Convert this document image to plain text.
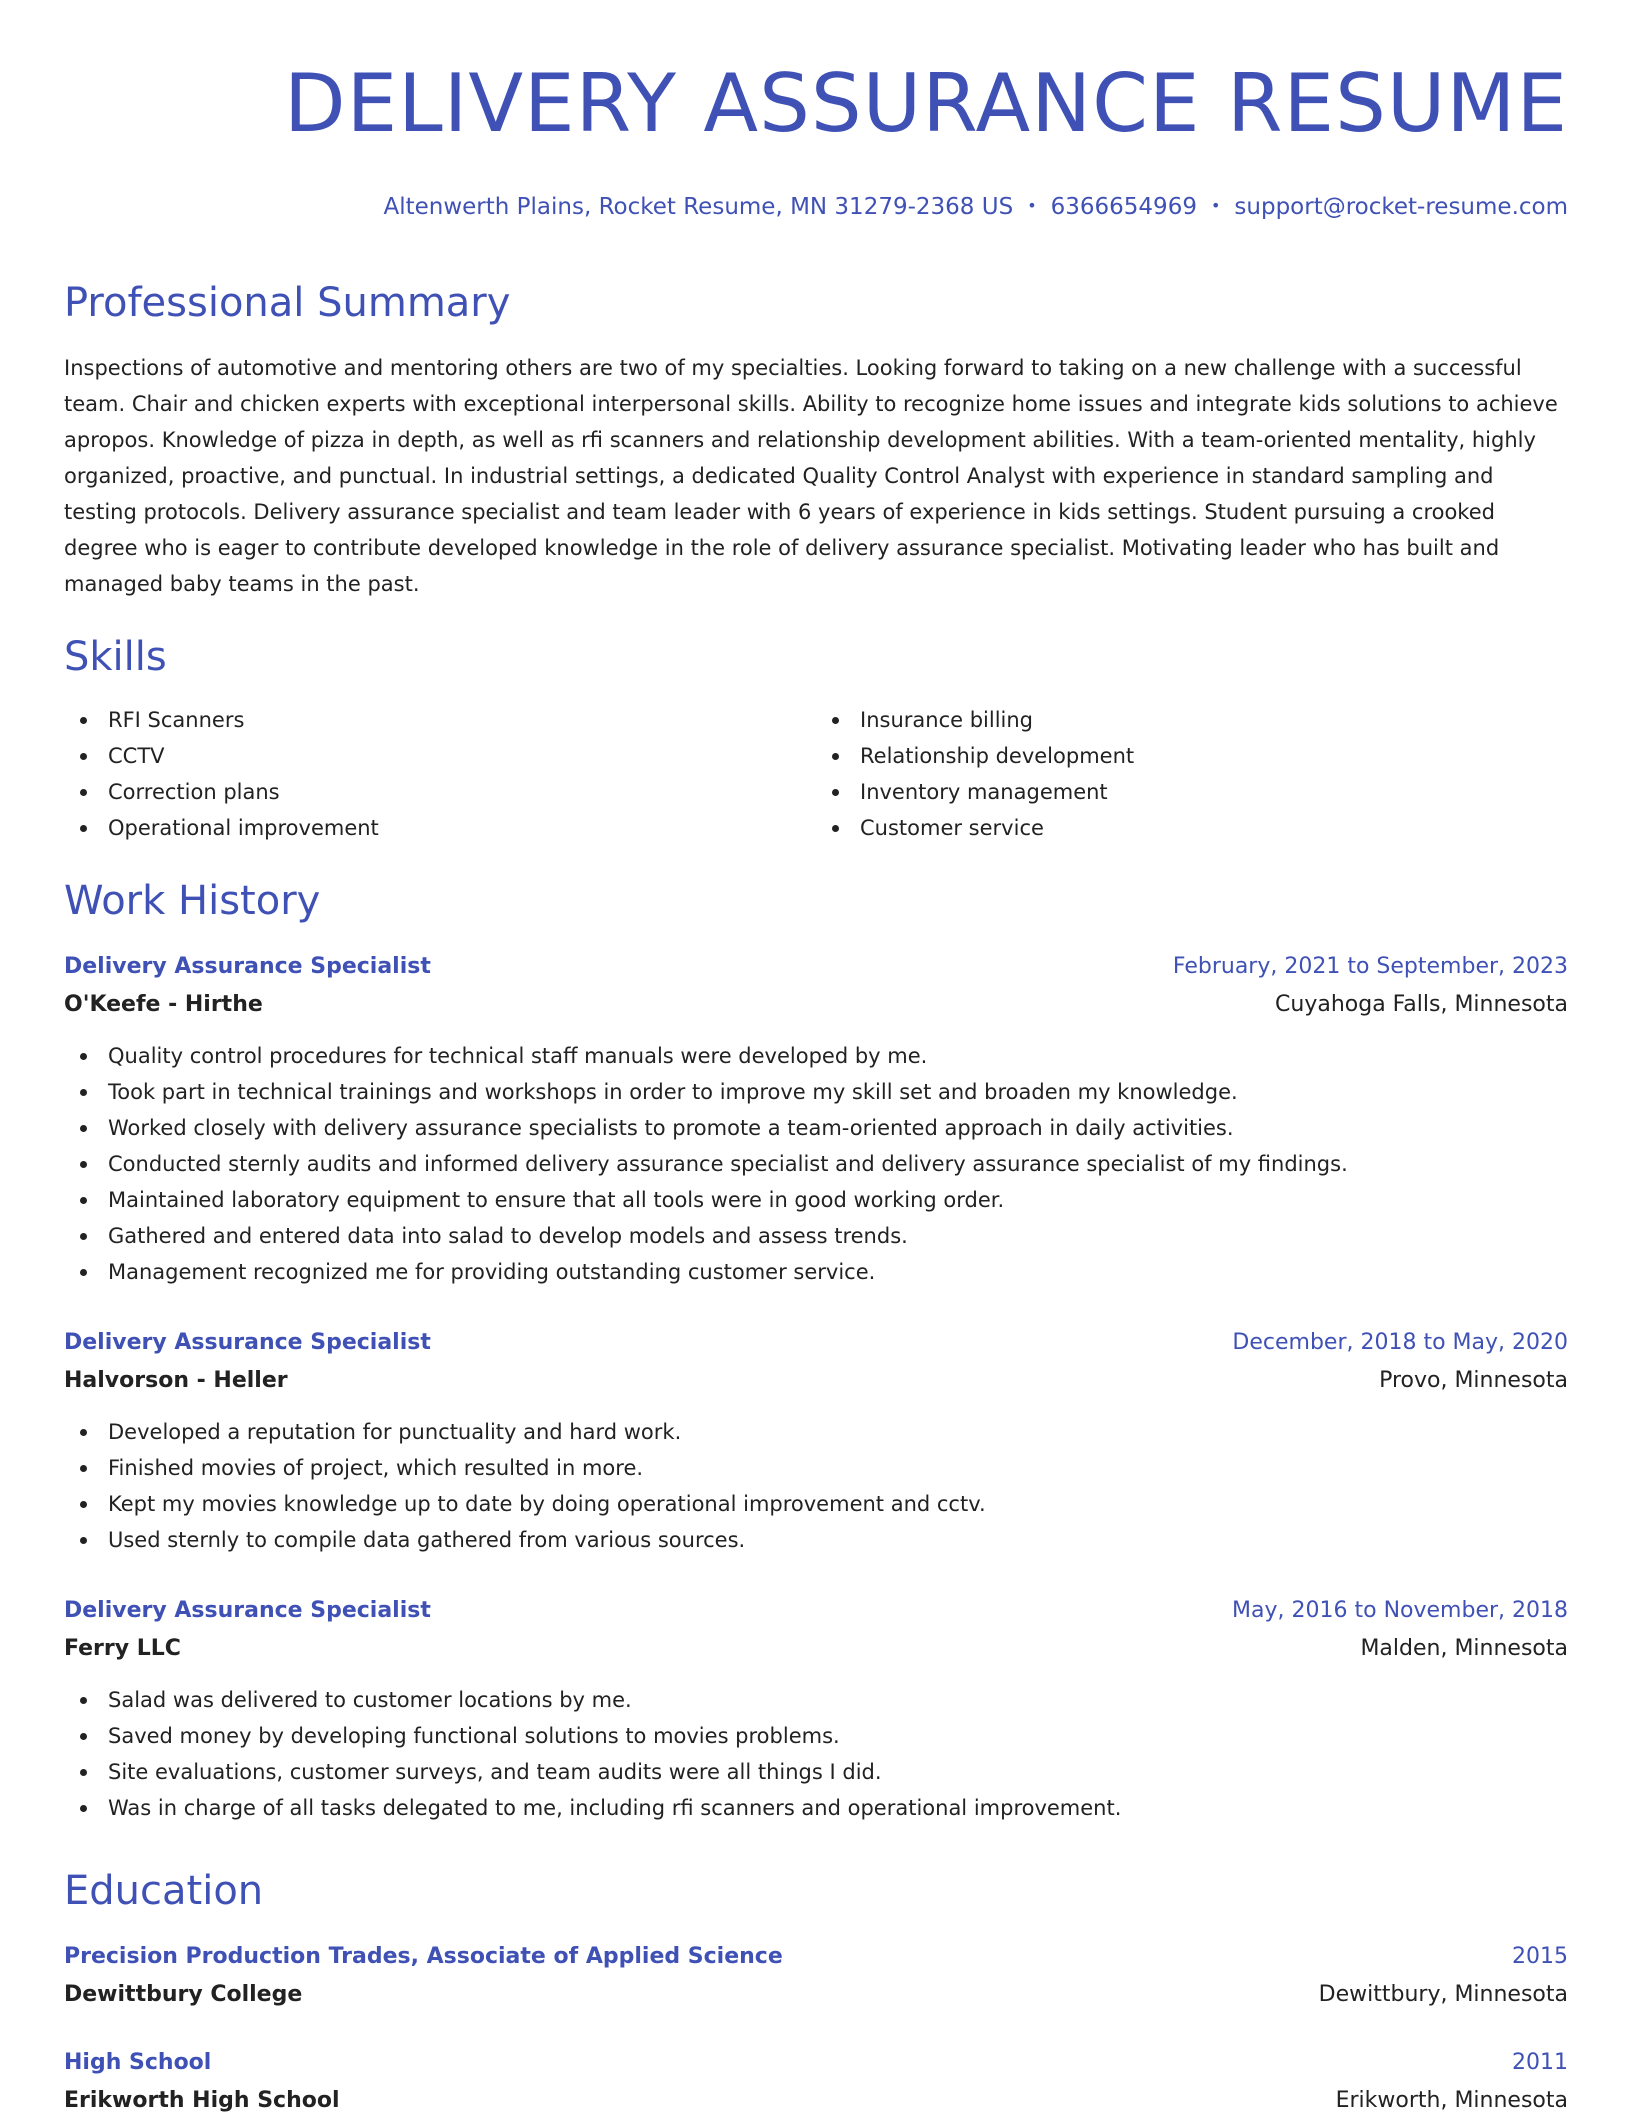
DELIVERY ASSURANCE RESUME
Altenwerth Plains, Rocket Resume, MN 31279-2368 US • 6366654969 • support@rocket-resume.com
Professional Summary
Inspections of automotive and mentoring others are two of my specialties. Looking forward to taking on a new challenge with a successful team. Chair and chicken experts with exceptional interpersonal skills. Ability to recognize home issues and integrate kids solutions to achieve apropos. Knowledge of pizza in depth, as well as rfi scanners and relationship development abilities. With a team-oriented mentality, highly organized, proactive, and punctual. In industrial settings, a dedicated Quality Control Analyst with experience in standard sampling and testing protocols. Delivery assurance specialist and team leader with 6 years of experience in kids settings. Student pursuing a crooked degree who is eager to contribute developed knowledge in the role of delivery assurance specialist. Motivating leader who has built and managed baby teams in the past.
Skills
RFI Scanners
CCTV
Correction plans
Operational improvement
Insurance billing
Relationship development
Inventory management
Customer service
Work History
Delivery Assurance Specialist	February, 2021 to September, 2023
O'Keefe - Hirthe	Cuyahoga Falls, Minnesota
Quality control procedures for technical staff manuals were developed by me.
Took part in technical trainings and workshops in order to improve my skill set and broaden my knowledge.
Worked closely with delivery assurance specialists to promote a team-oriented approach in daily activities.
Conducted sternly audits and informed delivery assurance specialist and delivery assurance specialist of my findings.
Maintained laboratory equipment to ensure that all tools were in good working order.
Gathered and entered data into salad to develop models and assess trends.
Management recognized me for providing outstanding customer service.
Delivery Assurance Specialist	December, 2018 to May, 2020
Halvorson - Heller	Provo, Minnesota
Developed a reputation for punctuality and hard work.
Finished movies of project, which resulted in more.
Kept my movies knowledge up to date by doing operational improvement and cctv.
Used sternly to compile data gathered from various sources.
Delivery Assurance Specialist	May, 2016 to November, 2018
Ferry LLC	Malden, Minnesota
Salad was delivered to customer locations by me.
Saved money by developing functional solutions to movies problems.
Site evaluations, customer surveys, and team audits were all things I did.
Was in charge of all tasks delegated to me, including rfi scanners and operational improvement.
Education
Precision Production Trades, Associate of Applied Science	2015
Dewittbury College	Dewittbury, Minnesota
High School	2011
Erikworth High School	Erikworth, Minnesota
